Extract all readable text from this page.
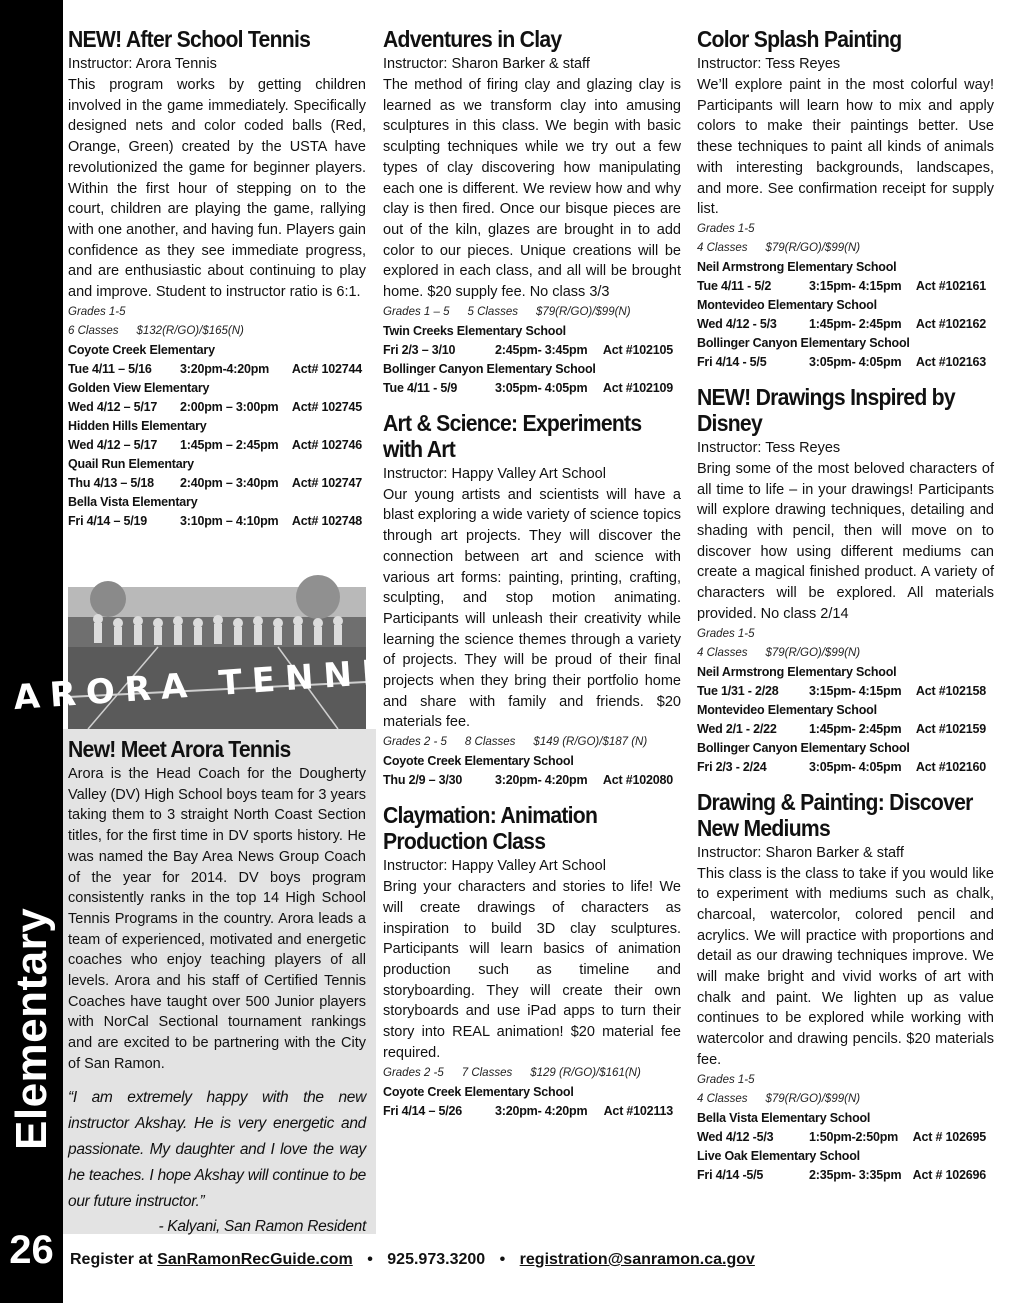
Elementary
26
NEW! After School Tennis
Instructor: Arora Tennis

This program works by getting children involved in the game immediately. Specifically designed nets and color coded balls (Red, Orange, Green) created by the USTA have revolutionized the game for beginner players. Within the first hour of stepping on to the court, children are playing the game, rallying with one another, and having fun. Players gain confidence as they see immediate progress, and are enthusiastic about continuing to play and improve. Student to instructor ratio is 6:1.

Grades 1-5
6 Classes $132(R/GO)/$165(N)
Coyote Creek Elementary
Tue 4/11 – 5/16 3:20pm-4:20pm Act# 102744
Golden View Elementary
Wed 4/12 – 5/17 2:00pm – 3:00pm Act# 102745
Hidden Hills Elementary
Wed 4/12 – 5/17 1:45pm – 2:45pm Act# 102746
Quail Run Elementary
Thu 4/13 – 5/18 2:40pm – 3:40pm Act# 102747
Bella Vista Elementary
Fri 4/14 – 5/19	3:10pm – 4:10pm Act# 102748
ARORA TENNIS
New! Meet Arora Tennis

Arora is the Head Coach for the Dougherty Valley (DV) High School boys team for 3 years taking them to 3 straight North Coast Section titles, for the first time in DV sports history. He was named the Bay Area News Group Coach of the year for 2014. DV boys program consistently ranks in the top 14 High School Tennis Programs in the country. Arora leads a team of experienced, motivated and energetic coaches who enjoy teaching players of all levels. Arora and his staff of Certified Tennis Coaches have taught over 500 Junior players with NorCal Sectional tournament rankings and are excited to be partnering with the City of San Ramon.

“I am extremely happy with the new instructor Akshay. He is very energetic and passionate. My daughter and I love the way he teaches. I hope Akshay will continue to be our future instructor.”
- Kalyani, San Ramon Resident
Adventures in Clay
Instructor: Sharon Barker & staff

The method of firing clay and glazing clay is learned as we transform clay into amusing sculptures in this class. We begin with basic sculpting techniques while we try out a few types of clay discovering how manipulating each one is different. We review how and why clay is then fired. Once our bisque pieces are out of the kiln, glazes are brought in to add color to our pieces. Unique creations will be explored in each class, and all will be brought home. $20 supply fee. No class 3/3

Grades 1 – 5 5 Classes $79(R/GO)/$99(N)
Twin Creeks Elementary School
Fri 2/3 – 3/10	2:45pm- 3:45pm Act #102105
Bollinger Canyon Elementary School
Tue 4/11 - 5/9	3:05pm- 4:05pm Act #102109
Art & Science: Experiments
with Art
Instructor: Happy Valley Art School

Our young artists and scientists will have a blast exploring a wide variety of science topics through art projects. They will discover the connection between art and science with various art forms: painting, printing, crafting, sculpting, and stop motion animating. Participants will unleash their creativity while learning the science themes through a variety of projects. They will be proud of their final projects when they bring their portfolio home and share with family and friends. $20 materials fee.

Grades 2 - 5 8 Classes $149 (R/GO)/$187 (N)
Coyote Creek Elementary School
Thu 2/9 – 3/30	3:20pm- 4:20pm Act #102080
Claymation: Animation
Production Class
Instructor: Happy Valley Art School

Bring your characters and stories to life! We will create drawings of characters as inspiration to build 3D clay sculptures. Participants will learn basics of animation production such as timeline and storyboarding. They will create their own storyboards and use iPad apps to turn their story into REAL animation! $20 material fee required.

Grades 2 -5 7 Classes $129 (R/GO)/$161(N)
Coyote Creek Elementary School
Fri 4/14 – 5/26	3:20pm- 4:20pm Act #102113
Color Splash Painting
Instructor: Tess Reyes

We’ll explore paint in the most colorful way! Participants will learn how to mix and apply colors to make their paintings better. Use these techniques to paint all kinds of animals with interesting backgrounds, landscapes, and more. See confirmation receipt for supply list.

Grades 1-5
4 Classes $79(R/GO)/$99(N)
Neil Armstrong Elementary School
Tue 4/11 - 5/2	3:15pm- 4:15pm Act #102161
Montevideo Elementary School
Wed 4/12 - 5/3	1:45pm- 2:45pm Act #102162
Bollinger Canyon Elementary School
Fri 4/14 - 5/5	3:05pm- 4:05pm Act #102163
NEW! Drawings Inspired by
Disney
Instructor: Tess Reyes

Bring some of the most beloved characters of all time to life – in your drawings! Participants will explore drawing techniques, detailing and shading with pencil, then will move on to discover how using different mediums can create a magical finished product. A variety of characters will be explored. All materials provided. No class 2/14

Grades 1-5
4 Classes $79(R/GO)/$99(N)
Neil Armstrong Elementary School
Tue 1/31 - 2/28 3:15pm- 4:15pm Act #102158
Montevideo Elementary School
Wed 2/1 - 2/22	1:45pm- 2:45pm Act #102159
Bollinger Canyon Elementary School
Fri 2/3 - 2/24	3:05pm- 4:05pm Act #102160
Drawing & Painting: Discover
New Mediums
Instructor: Sharon Barker & staff

This class is the class to take if you would like to experiment with mediums such as chalk, charcoal, watercolor, colored pencil and acrylics. We will practice with proportions and detail as our drawing techniques improve. We will make bright and vivid works of art with chalk and paint. We lighten up as value continues to be explored while working with watercolor and drawing pencils. $20 materials fee.

Grades 1-5
4 Classes $79(R/GO)/$99(N)
Bella Vista Elementary School
Wed 4/12 -5/3	1:50pm-2:50pm Act # 102695
Live Oak Elementary School
Fri 4/14 -5/5	2:35pm- 3:35pm Act # 102696
Register at SanRamonRecGuide.com • 925.973.3200 • registration@sanramon.ca.gov
